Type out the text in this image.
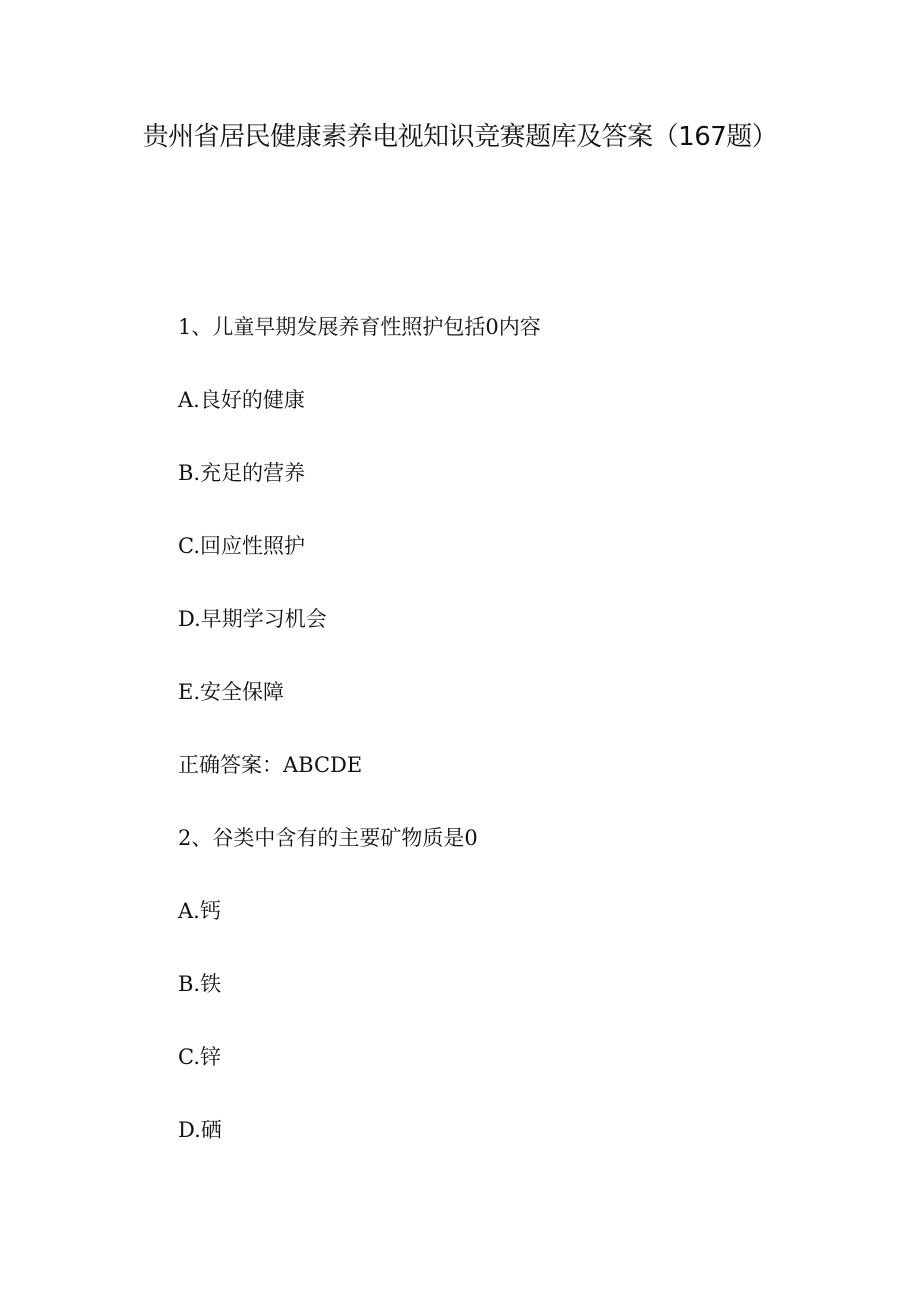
贵州省居民健康素养电视知识竞赛题库及答案（167题）

1、儿童早期发展养育性照护包括0内容

A.良好的健康

B.充足的营养

C.回应性照护

D.早期学习机会

E.安全保障

正确答案：ABCDE

2、谷类中含有的主要矿物质是0

A.钙

B.铁

C.锌

D.硒
